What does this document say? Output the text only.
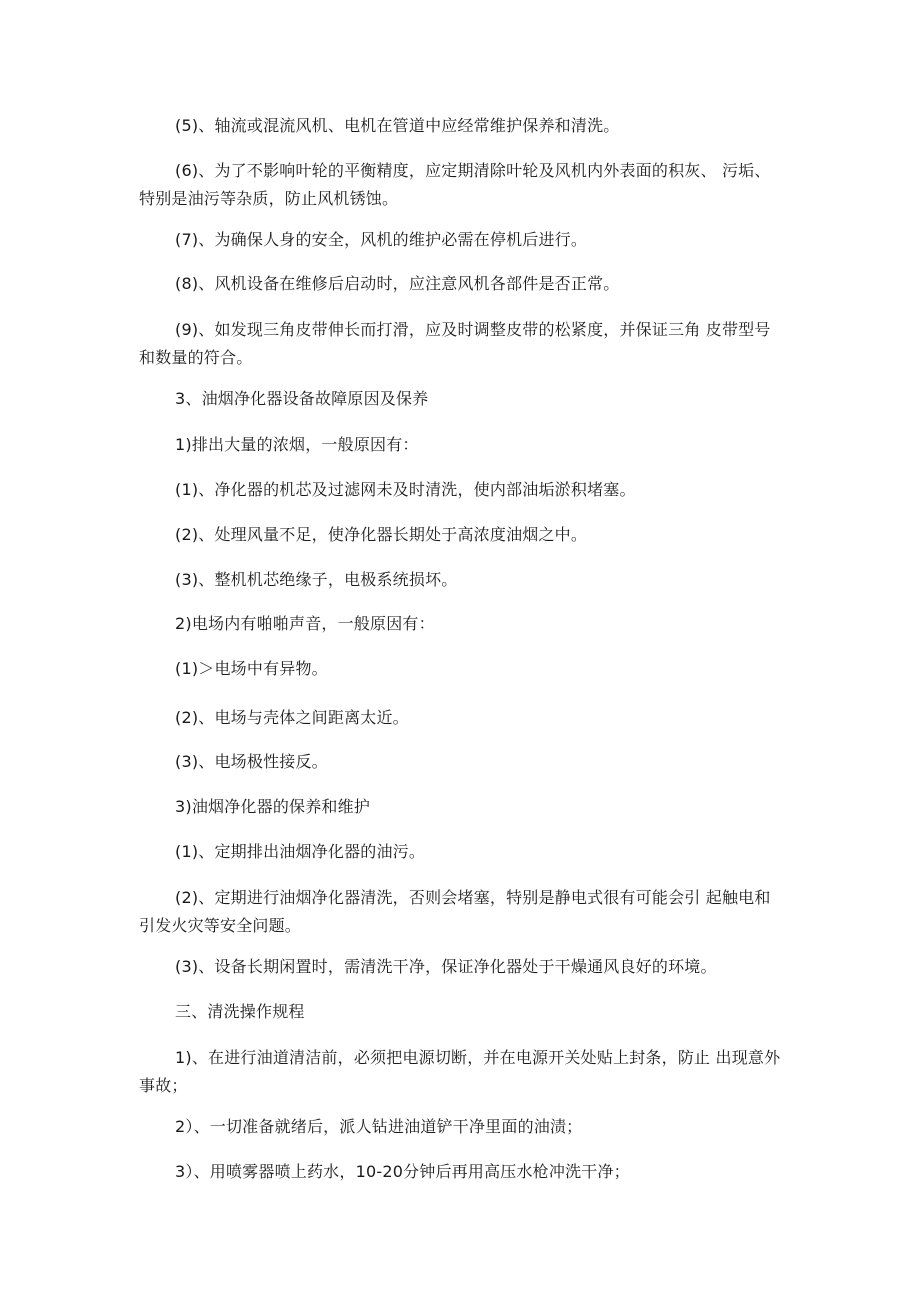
(5)、轴流或混流风机、电机在管道中应经常维护保养和清洗。

(6)、为了不影响叶轮的平衡精度，应定期清除叶轮及风机内外表面的积灰、 污垢、特别是油污等杂质，防止风机锈蚀。

(7)、为确保人身的安全，风机的维护必需在停机后进行。

(8)、风机设备在维修后启动时，应注意风机各部件是否正常。

(9)、如发现三角皮带伸长而打滑，应及时调整皮带的松紧度，并保证三角 皮带型号和数量的符合。

3、油烟净化器设备故障原因及保养

1)排出大量的浓烟，一般原因有：

(1)、净化器的机芯及过滤网未及时清洗，使内部油垢淤积堵塞。

(2)、处理风量不足，使净化器长期处于高浓度油烟之中。

(3)、整机机芯绝缘子，电极系统损坏。

2)电场内有啪啪声音，一般原因有：

(1)＞电场中有异物。

(2)、电场与壳体之间距离太近。

(3)、电场极性接反。

3)油烟净化器的保养和维护

(1)、定期排出油烟净化器的油污。

(2)、定期进行油烟净化器清洗，否则会堵塞，特别是静电式很有可能会引 起触电和引发火灾等安全问题。

(3)、设备长期闲置时，需清洗干净，保证净化器处于干燥通风良好的环境。

三、清洗操作规程

1)、在进行油道清洁前，必须把电源切断，并在电源开关处贴上封条，防止 出现意外事故；

2）、一切准备就绪后，派人钻进油道铲干净里面的油渍；

3）、用喷雾器喷上药水，10-20分钟后再用高压水枪冲洗干净；
